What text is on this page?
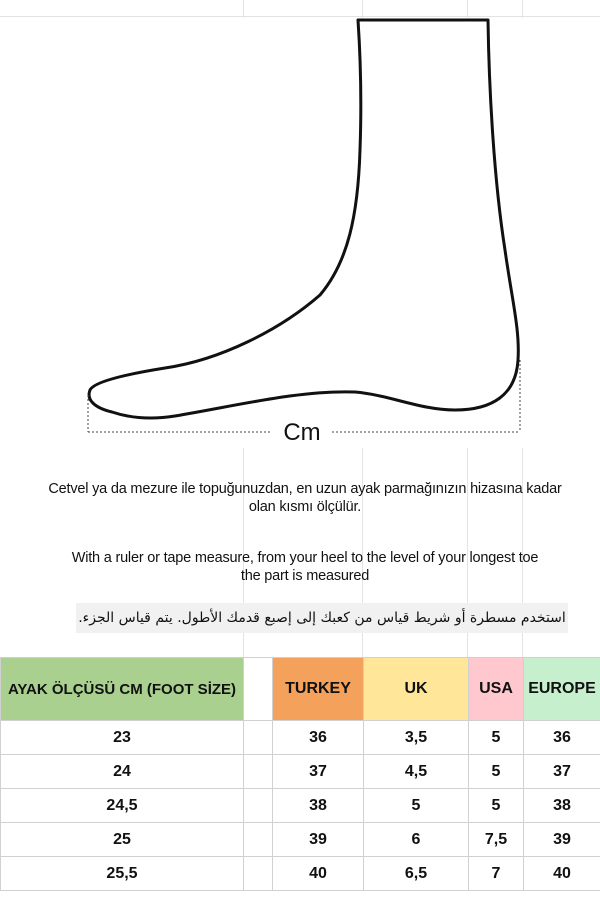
Cm
Cetvel ya da mezure ile topuğunuzdan, en uzun ayak parmağınızın hizasına kadar
olan kısmı ölçülür.
With a ruler or tape measure, from your heel to the level of your longest toe
the part is measured
استخدم مسطرة أو شريط قياس من كعبك إلى إصبع قدمك الأطول. يتم قياس الجزء.
AYAK ÖLÇÜSÜ CM (FOOT SİZE)		TURKEY	UK	USA	EUROPE
23		36	3,5	5	36
24		37	4,5	5	37
24,5		38	5	5	38
25		39	6	7,5	39
25,5		40	6,5	7	40
